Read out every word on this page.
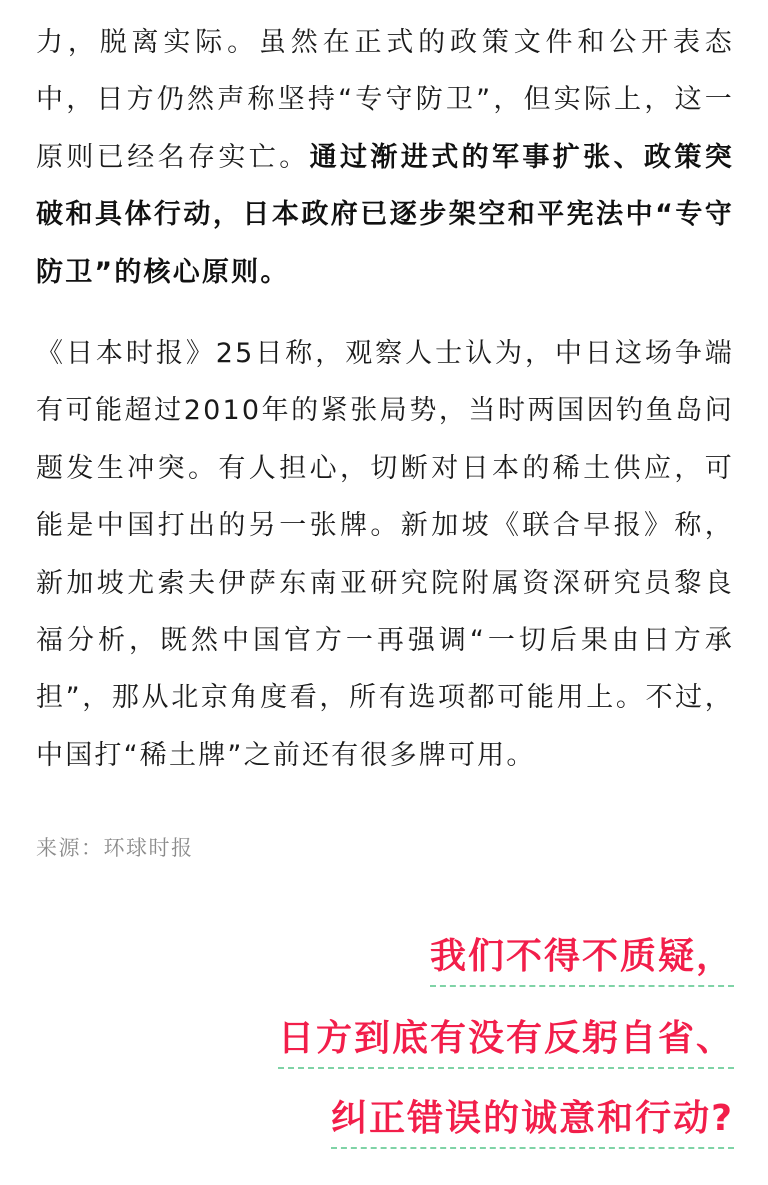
力，脱离实际。虽然在正式的政策文件和公开表态中，日方仍然声称坚持“专守防卫”，但实际上，这一原则已经名存实亡。通过渐进式的军事扩张、政策突破和具体行动，日本政府已逐步架空和平宪法中“专守防卫”的核心原则。

《日本时报》25日称，观察人士认为，中日这场争端有可能超过2010年的紧张局势，当时两国因钓鱼岛问题发生冲突。有人担心，切断对日本的稀土供应，可能是中国打出的另一张牌。新加坡《联合早报》称，新加坡尤索夫伊萨东南亚研究院附属资深研究员黎良福分析，既然中国官方一再强调“一切后果由日方承担”，那从北京角度看，所有选项都可能用上。不过，中国打“稀土牌”之前还有很多牌可用。

来源：环球时报

我们不得不质疑，
日方到底有没有反躬自省、
纠正错误的诚意和行动?
